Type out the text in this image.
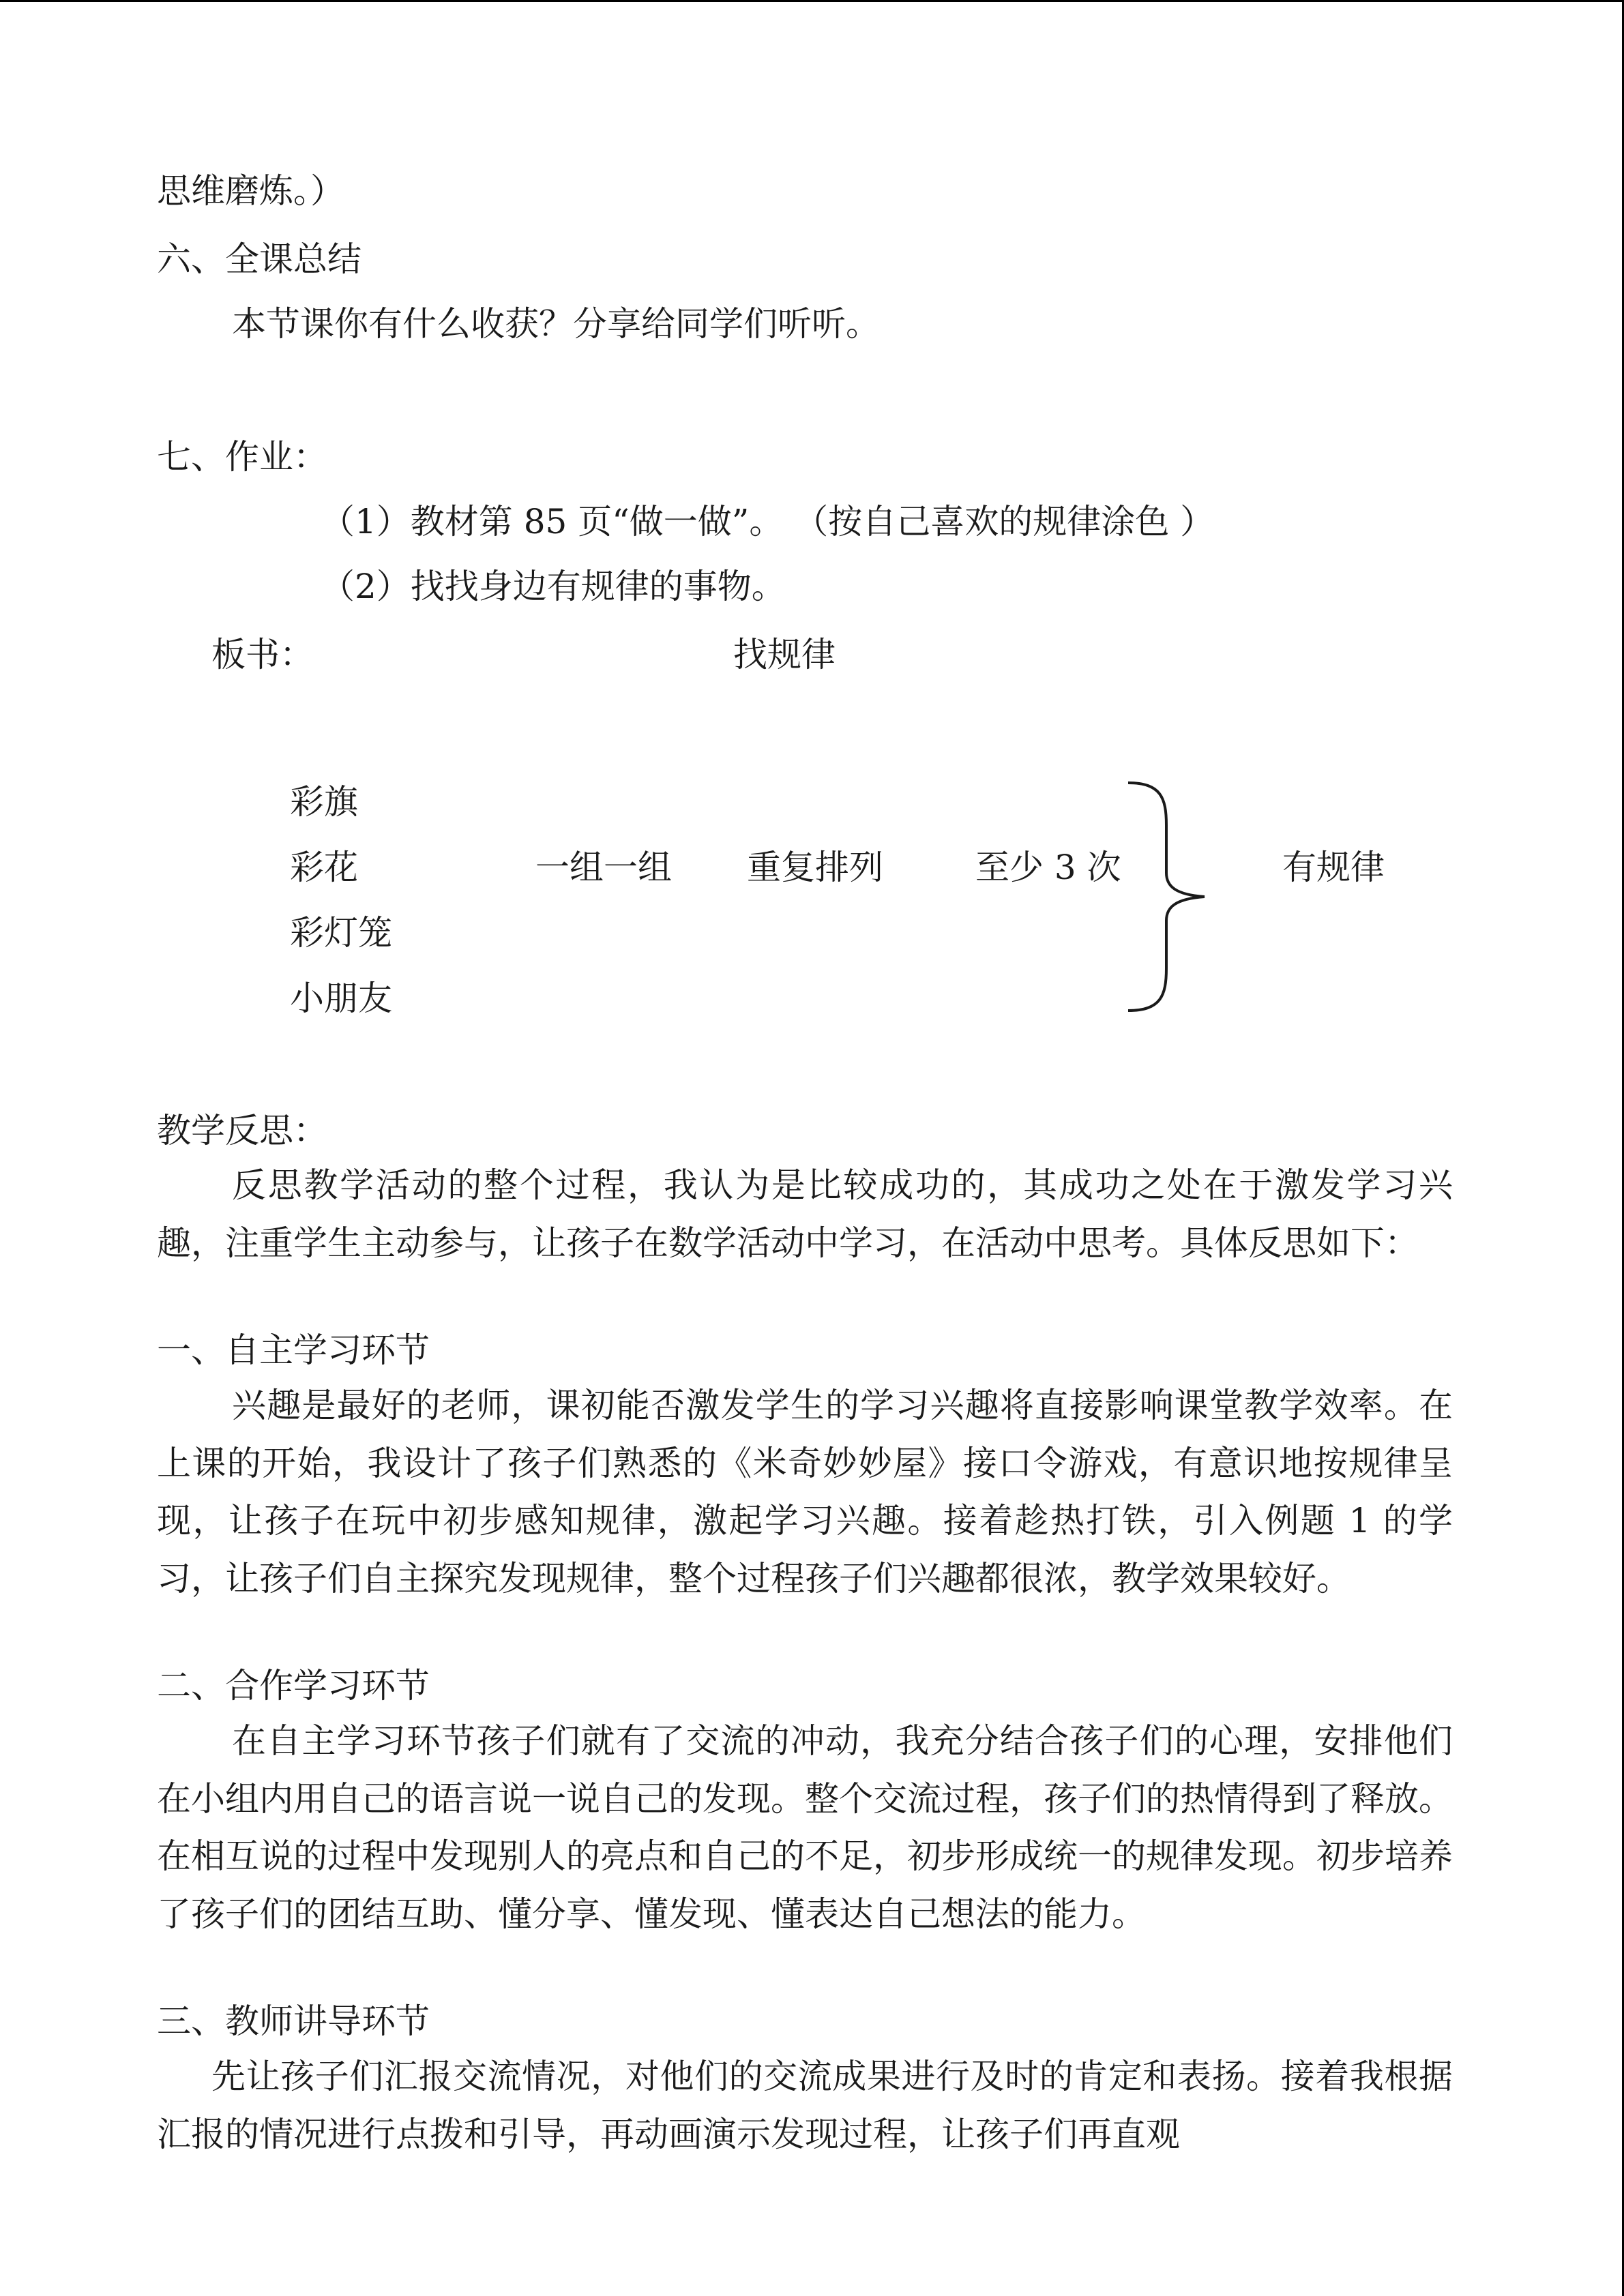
思维磨炼。）
六、全课总结
本节课你有什么收获？分享给同学们听听。
七、作业：
（1）教材第 85 页“做一做”。 （按自己喜欢的规律涂色 ）
（2）找找身边有规律的事物。
板书：	找规律
彩旗
彩花
彩灯笼
小朋友
一组一组 重复排列	至少 3 次	有规律
教学反思：
反思教学活动的整个过程，我认为是比较成功的，其成功之处在于激发学习兴趣，注重学生主动参与，让孩子在数学活动中学习，在活动中思考。具体反思如下：
一、自主学习环节
兴趣是最好的老师，课初能否激发学生的学习兴趣将直接影响课堂教学效率。在上课的开始，我设计了孩子们熟悉的《米奇妙妙屋》接口令游戏，有意识地按规律呈现，让孩子在玩中初步感知规律，激起学习兴趣。接着趁热打铁，引入例题 1 的学习，让孩子们自主探究发现规律，整个过程孩子们兴趣都很浓，教学效果较好。
二、合作学习环节
在自主学习环节孩子们就有了交流的冲动，我充分结合孩子们的心理，安排他们在小组内用自己的语言说一说自己的发现。整个交流过程，孩子们的热情得到了释放。在相互说的过程中发现别人的亮点和自己的不足，初步形成统一的规律发现。初步培养了孩子们的团结互助、懂分享、懂发现、懂表达自己想法的能力。
三、教师讲导环节
先让孩子们汇报交流情况，对他们的交流成果进行及时的肯定和表扬。接着我根据汇报的情况进行点拨和引导，再动画演示发现过程，让孩子们再直观
